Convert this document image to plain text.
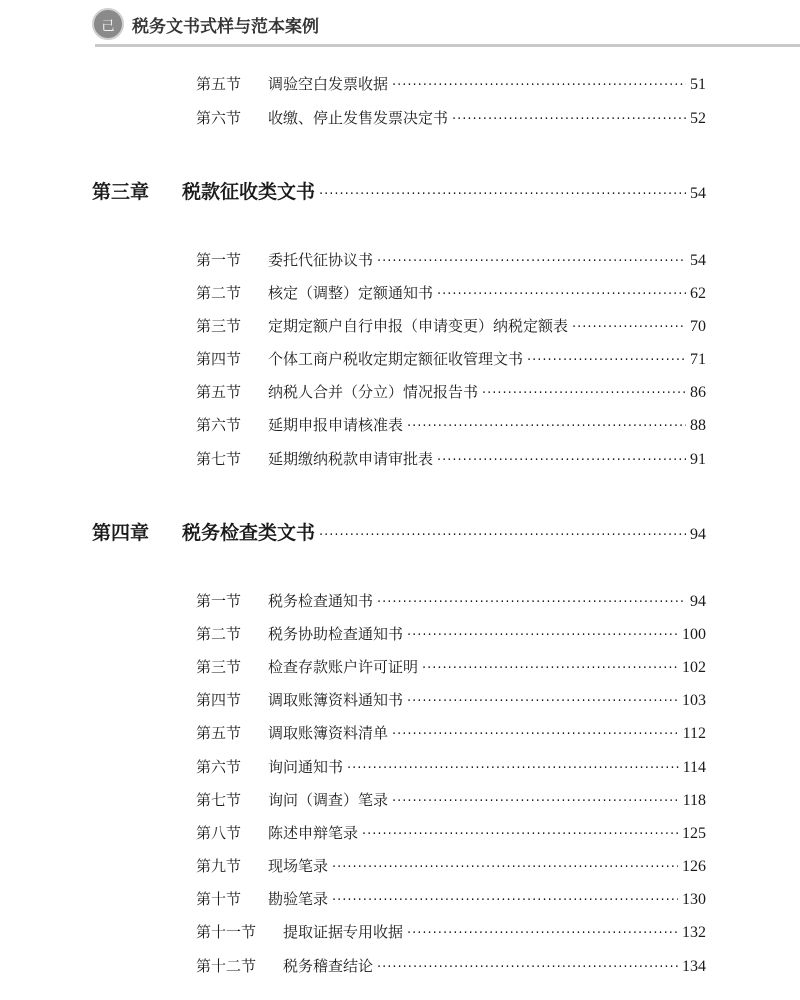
己	税务文书式样与范本案例
第五节	调验空白发票收据 ·····	51
第六节	收缴、停止发售发票决定书 ·····	52
第三章	税款征收类文书 ·····	54
第一节	委托代征协议书 ·····	54
第二节	核定（调整）定额通知书 ·····	62
第三节	定期定额户自行申报（申请变更）纳税定额表 ·····	70
第四节	个体工商户税收定期定额征收管理文书 ·····	71
第五节	纳税人合并（分立）情况报告书 ·····	86
第六节	延期申报申请核准表 ·····	88
第七节	延期缴纳税款申请审批表 ·····	91
第四章	税务检查类文书 ·····	94
第一节	税务检查通知书 ·····	94
第二节	税务协助检查通知书 ·····	100
第三节	检查存款账户许可证明 ·····	102
第四节	调取账簿资料通知书 ·····	103
第五节	调取账簿资料清单 ·····	112
第六节	询问通知书 ·····	114
第七节	询问（调查）笔录 ·····	118
第八节	陈述申辩笔录 ·····	125
第九节	现场笔录 ·····	126
第十节	勘验笔录 ·····	130
第十一节	提取证据专用收据 ·····	132
第十二节	税务稽查结论 ·····	134
